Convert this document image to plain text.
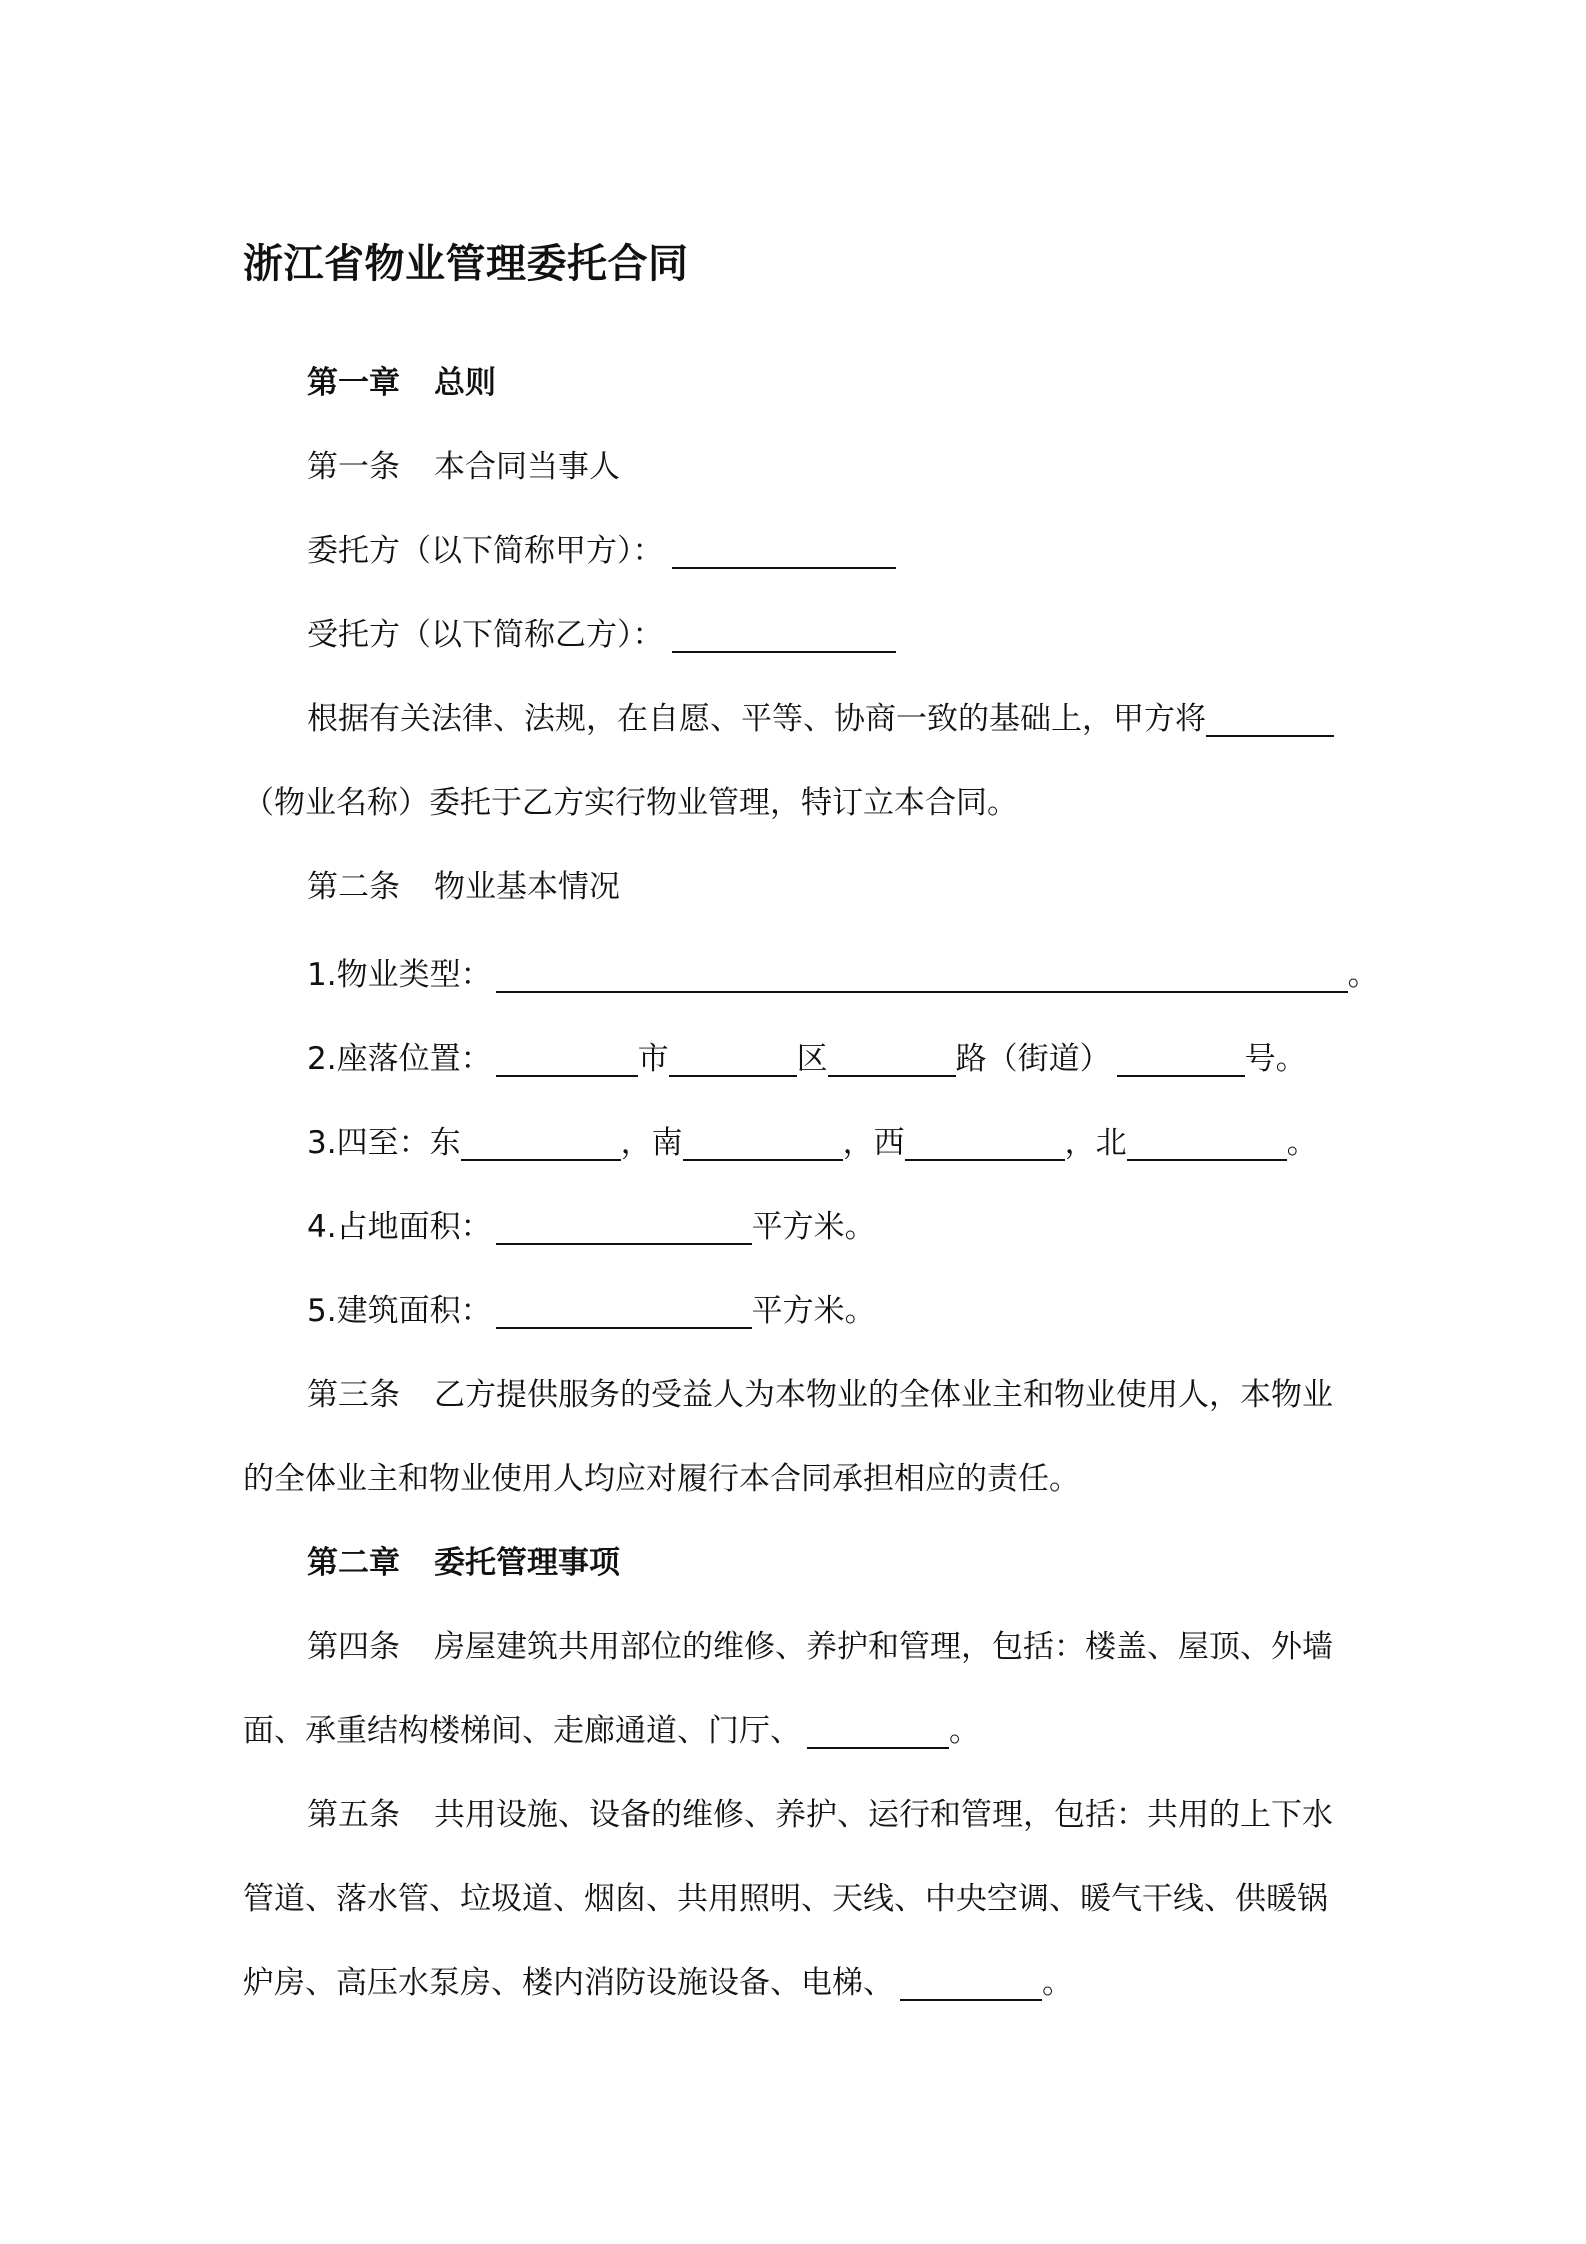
浙江省物业管理委托合同
第一章 总则
第一条 本合同当事人
委托方（以下简称甲方）：
受托方（以下简称乙方）：
根据有关法律、法规，在自愿、平等、协商一致的基础上，甲方将
（物业名称）委托于乙方实行物业管理，特订立本合同。
第二条 物业基本情况
1.物业类型：	。
2.座落位置：	市	区	路（街道）	号。
3.四至：东	，南	，西	，北	。
4.占地面积：	平方米。
5.建筑面积：	平方米。
第三条 乙方提供服务的受益人为本物业的全体业主和物业使用人，本物业
的全体业主和物业使用人均应对履行本合同承担相应的责任。
第二章 委托管理事项
第四条 房屋建筑共用部位的维修、养护和管理，包括：楼盖、屋顶、外墙
面、承重结构楼梯间、走廊通道、门厅、	。
第五条 共用设施、设备的维修、养护、运行和管理，包括：共用的上下水
管道、落水管、垃圾道、烟囱、共用照明、天线、中央空调、暖气干线、供暖锅
炉房、高压水泵房、楼内消防设施设备、电梯、	。
